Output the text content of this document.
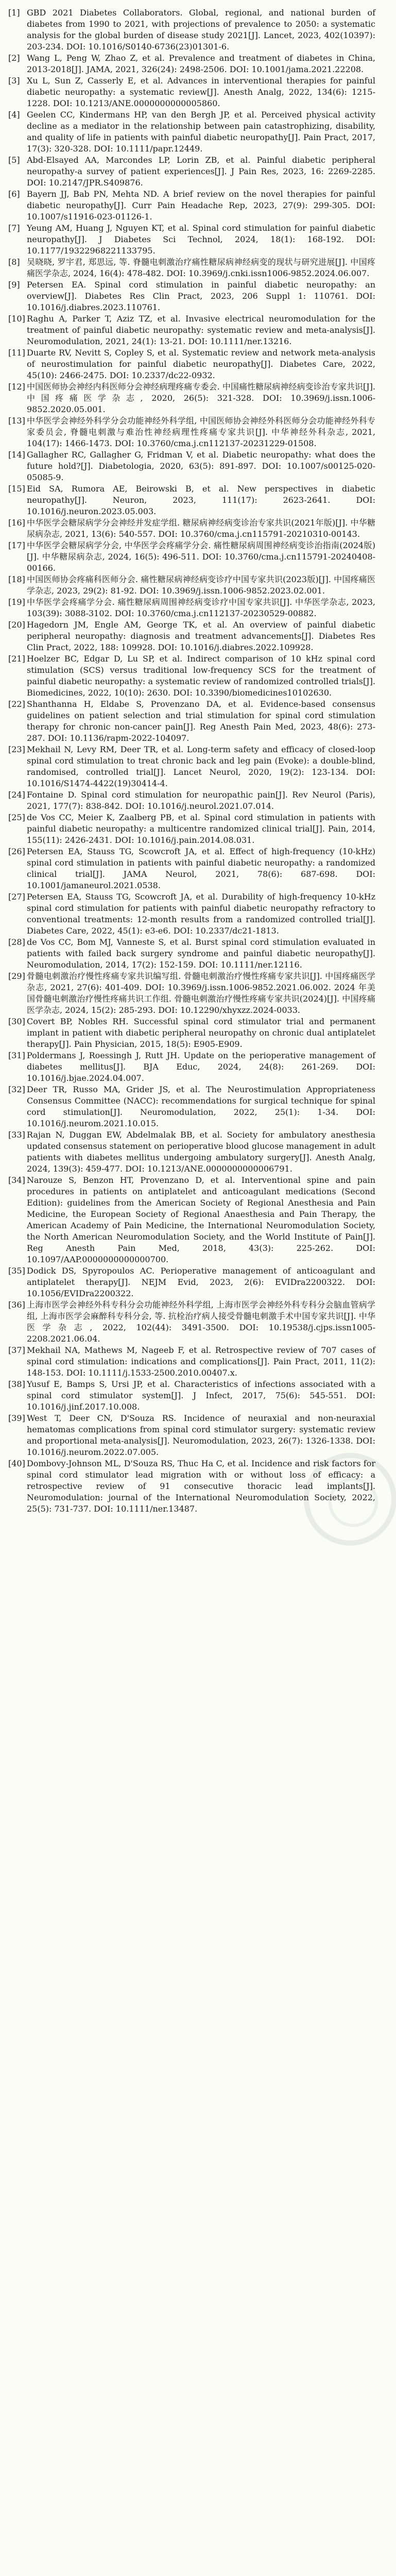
[1] GBD 2021 Diabetes Collaborators. Global, regional, and national burden of diabetes from 1990 to 2021, with projections of prevalence to 2050: a systematic analysis for the global burden of disease study 2021[J]. Lancet, 2023, 402(10397): 203-234. DOI: 10.1016/S0140-6736(23)01301-6.
[2] Wang L, Peng W, Zhao Z, et al. Prevalence and treatment of diabetes in China, 2013-2018[J]. JAMA, 2021, 326(24): 2498-2506. DOI: 10.1001/jama.2021.22208.
[3] Xu L, Sun Z, Casserly E, et al. Advances in interventional therapies for painful diabetic neuropathy: a systematic review[J]. Anesth Analg, 2022, 134(6): 1215-1228. DOI: 10.1213/ANE.0000000000005860.
[4] Geelen CC, Kindermans HP, van den Bergh JP, et al. Perceived physical activity decline as a mediator in the relationship between pain catastrophizing, disability, and quality of life in patients with painful diabetic neuropathy[J]. Pain Pract, 2017, 17(3): 320-328. DOI: 10.1111/papr.12449.
[5] Abd-Elsayed AA, Marcondes LP, Lorin ZB, et al. Painful diabetic peripheral neuropathy-a survey of patient experiences[J]. J Pain Res, 2023, 16: 2269-2285. DOI: 10.2147/JPR.S409876.
[6] Bayern JJ, Bab PN, Mehta ND. A brief review on the novel therapies for painful diabetic neuropathy[J]. Curr Pain Headache Rep, 2023, 27(9): 299-305. DOI: 10.1007/s11916-023-01126-1.
[7] Yeung AM, Huang J, Nguyen KT, et al. Spinal cord stimulation for painful diabetic neuropathy[J]. J Diabetes Sci Technol, 2024, 18(1): 168-192. DOI: 10.1177/19322968221133795.
[8] 吴晓晓, 罗宇君, 郑思远, 等. 脊髓电刺激治疗痛性糖尿病神经病变的现状与研究进展[J]. 中国疼痛医学杂志, 2024, 16(4): 478-482. DOI: 10.3969/j.cnki.issn1006-9852.2024.06.007.
[9] Petersen EA. Spinal cord stimulation in painful diabetic neuropathy: an overview[J]. Diabetes Res Clin Pract, 2023, 206 Suppl 1: 110761. DOI: 10.1016/j.diabres.2023.110761.
[10] Raghu A, Parker T, Aziz TZ, et al. Invasive electrical neuromodulation for the treatment of painful diabetic neuropathy: systematic review and meta-analysis[J]. Neuromodulation, 2021, 24(1): 13-21. DOI: 10.1111/ner.13216.
[11] Duarte RV, Nevitt S, Copley S, et al. Systematic review and network meta-analysis of neurostimulation for painful diabetic neuropathy[J]. Diabetes Care, 2022, 45(10): 2466-2475. DOI: 10.2337/dc22-0932.
[12] 中国医师协会神经内科医师分会神经病理疼痛专委会. 中国痛性糖尿病神经病变诊治专家共识[J]. 中国疼痛医学杂志, 2020, 26(5): 321-328. DOI: 10.3969/j.issn.1006-9852.2020.05.001.
[13] 中华医学会神经外科学分会功能神经外科学组, 中国医师协会神经外科医师分会功能神经外科专家委员会, 脊髓电刺激与难治性神经病理性疼痛专家共识[J]. 中华神经外科杂志, 2021, 104(17): 1466-1473. DOI: 10.3760/cma.j.cn112137-20231229-01508.
[14] Gallagher RC, Gallagher G, Fridman V, et al. Diabetic neuropathy: what does the future hold?[J]. Diabetologia, 2020, 63(5): 891-897. DOI: 10.1007/s00125-020-05085-9.
[15] Eid SA, Rumora AE, Beirowski B, et al. New perspectives in diabetic neuropathy[J]. Neuron, 2023, 111(17): 2623-2641. DOI: 10.1016/j.neuron.2023.05.003.
[16] 中华医学会糖尿病学分会神经并发症学组. 糖尿病神经病变诊治专家共识(2021年版)[J]. 中华糖尿病杂志, 2021, 13(6): 540-557. DOI: 10.3760/cma.j.cn115791-20210310-00143.
[17] 中华医学会糖尿病学分会, 中华医学会疼痛学分会. 痛性糖尿病周围神经病变诊治指南(2024版)[J]. 中华糖尿病杂志, 2024, 16(5): 496-511. DOI: 10.3760/cma.j.cn115791-20240408-00166.
[18] 中国医师协会疼痛科医师分会. 痛性糖尿病神经病变诊疗中国专家共识(2023版)[J]. 中国疼痛医学杂志, 2023, 29(2): 81-92. DOI: 10.3969/j.issn.1006-9852.2023.02.001.
[19] 中华医学会疼痛学分会. 痛性糖尿病周围神经病变诊疗中国专家共识[J]. 中华医学杂志, 2023, 103(39): 3088-3102. DOI: 10.3760/cma.j.cn112137-20230529-00882.
[20] Hagedorn JM, Engle AM, George TK, et al. An overview of painful diabetic peripheral neuropathy: diagnosis and treatment advancements[J]. Diabetes Res Clin Pract, 2022, 188: 109928. DOI: 10.1016/j.diabres.2022.109928.
[21] Hoelzer BC, Edgar D, Lu SP, et al. Indirect comparison of 10 kHz spinal cord stimulation (SCS) versus traditional low-frequency SCS for the treatment of painful diabetic neuropathy: a systematic review of randomized controlled trials[J]. Biomedicines, 2022, 10(10): 2630. DOI: 10.3390/biomedicines10102630.
[22] Shanthanna H, Eldabe S, Provenzano DA, et al. Evidence-based consensus guidelines on patient selection and trial stimulation for spinal cord stimulation therapy for chronic non-cancer pain[J]. Reg Anesth Pain Med, 2023, 48(6): 273-287. DOI: 10.1136/rapm-2022-104097.
[23] Mekhail N, Levy RM, Deer TR, et al. Long-term safety and efficacy of closed-loop spinal cord stimulation to treat chronic back and leg pain (Evoke): a double-blind, randomised, controlled trial[J]. Lancet Neurol, 2020, 19(2): 123-134. DOI: 10.1016/S1474-4422(19)30414-4.
[24] Fontaine D. Spinal cord stimulation for neuropathic pain[J]. Rev Neurol (Paris), 2021, 177(7): 838-842. DOI: 10.1016/j.neurol.2021.07.014.
[25] de Vos CC, Meier K, Zaalberg PB, et al. Spinal cord stimulation in patients with painful diabetic neuropathy: a multicentre randomized clinical trial[J]. Pain, 2014, 155(11): 2426-2431. DOI: 10.1016/j.pain.2014.08.031.
[26] Petersen EA, Stauss TG, Scowcroft JA, et al. Effect of high-frequency (10-kHz) spinal cord stimulation in patients with painful diabetic neuropathy: a randomized clinical trial[J]. JAMA Neurol, 2021, 78(6): 687-698. DOI: 10.1001/jamaneurol.2021.0538.
[27] Petersen EA, Stauss TG, Scowcroft JA, et al. Durability of high-frequency 10-kHz spinal cord stimulation for patients with painful diabetic neuropathy refractory to conventional treatments: 12-month results from a randomized controlled trial[J]. Diabetes Care, 2022, 45(1): e3-e6. DOI: 10.2337/dc21-1813.
[28] de Vos CC, Bom MJ, Vanneste S, et al. Burst spinal cord stimulation evaluated in patients with failed back surgery syndrome and painful diabetic neuropathy[J]. Neuromodulation, 2014, 17(2): 152-159. DOI: 10.1111/ner.12116.
[29] 骨髓电刺激治疗慢性疼痛专家共识编写组. 骨髓电刺激治疗慢性疼痛专家共识[J]. 中国疼痛医学杂志, 2021, 27(6): 401-409. DOI: 10.3969/j.issn.1006-9852.2021.06.002. 2024 年美国骨髓电刺激治疗慢性疼痛共识工作组. 骨髓电刺激治疗慢性疼痛专家共识(2024)[J]. 中国疼痛医学杂志, 2024, 15(2): 285-293. DOI: 10.12290/xhyxzz.2024-0033.
[30] Covert BP, Nobles RH. Successful spinal cord stimulator trial and permanent implant in patient with diabetic peripheral neuropathy on chronic dual antiplatelet therapy[J]. Pain Physician, 2015, 18(5): E905-E909.
[31] Poldermans J, Roessingh J, Rutt JH. Update on the perioperative management of diabetes mellitus[J]. BJA Educ, 2024, 24(8): 261-269. DOI: 10.1016/j.bjae.2024.04.007.
[32] Deer TR, Russo MA, Grider JS, et al. The Neurostimulation Appropriateness Consensus Committee (NACC): recommendations for surgical technique for spinal cord stimulation[J]. Neuromodulation, 2022, 25(1): 1-34. DOI: 10.1016/j.neurom.2021.10.015.
[33] Rajan N, Duggan EW, Abdelmalak BB, et al. Society for ambulatory anesthesia updated consensus statement on perioperative blood glucose management in adult patients with diabetes mellitus undergoing ambulatory surgery[J]. Anesth Analg, 2024, 139(3): 459-477. DOI: 10.1213/ANE.0000000000006791.
[34] Narouze S, Benzon HT, Provenzano D, et al. Interventional spine and pain procedures in patients on antiplatelet and anticoagulant medications (Second Edition): guidelines from the American Society of Regional Anesthesia and Pain Medicine, the European Society of Regional Anaesthesia and Pain Therapy, the American Academy of Pain Medicine, the International Neuromodulation Society, the North American Neuromodulation Society, and the World Institute of Pain[J]. Reg Anesth Pain Med, 2018, 43(3): 225-262. DOI: 10.1097/AAP.0000000000000700.
[35] Dodick DS, Spyropoulos AC. Perioperative management of anticoagulant and antiplatelet therapy[J]. NEJM Evid, 2023, 2(6): EVIDra2200322. DOI: 10.1056/EVIDra2200322.
[36] 上海市医学会神经外科专科分会功能神经外科学组, 上海市医学会神经外科专科分会脑血管病学组, 上海市医学会麻醉科专科分会, 等. 抗栓治疗病人接受骨髓电刺激手术中国专家共识[J]. 中华医学杂志, 2022, 102(44): 3491-3500. DOI: 10.19538/j.cjps.issn1005-2208.2021.06.04.
[37] Mekhail NA, Mathews M, Nageeb F, et al. Retrospective review of 707 cases of spinal cord stimulation: indications and complications[J]. Pain Pract, 2011, 11(2): 148-153. DOI: 10.1111/j.1533-2500.2010.00407.x.
[38] Yusuf E, Bamps S, Ursi JP, et al. Characteristics of infections associated with a spinal cord stimulator system[J]. J Infect, 2017, 75(6): 545-551. DOI: 10.1016/j.jinf.2017.10.008.
[39] West T, Deer CN, D'Souza RS. Incidence of neuraxial and non-neuraxial hematomas complications from spinal cord stimulator surgery: systematic review and proportional meta-analysis[J]. Neuromodulation, 2023, 26(7): 1326-1338. DOI: 10.1016/j.neurom.2022.07.005.
[40] Dombovy-Johnson ML, D'Souza RS, Thuc Ha C, et al. Incidence and risk factors for spinal cord stimulator lead migration with or without loss of efficacy: a retrospective review of 91 consecutive thoracic lead implants[J]. Neuromodulation: journal of the International Neuromodulation Society, 2022, 25(5): 731-737. DOI: 10.1111/ner.13487.
